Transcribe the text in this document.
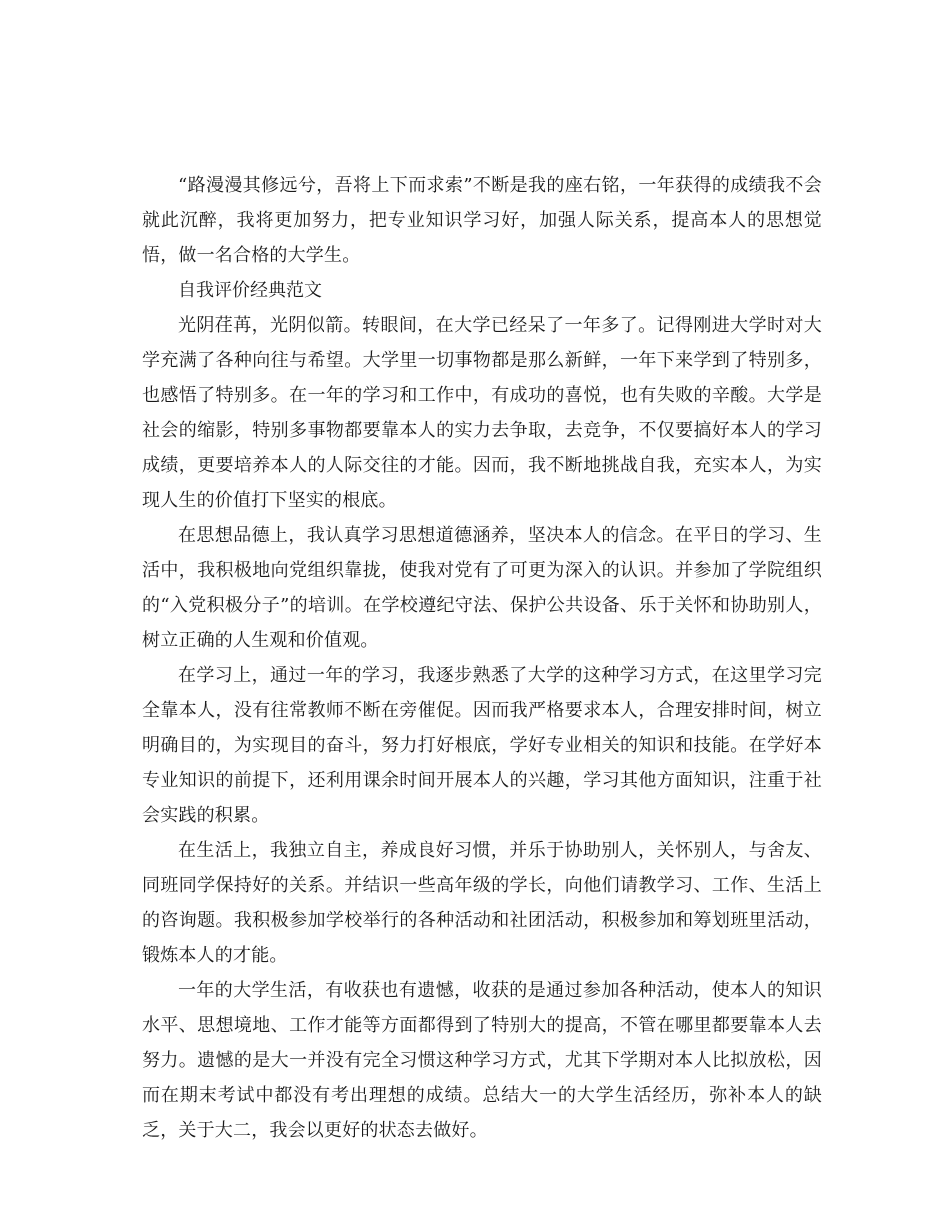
“路漫漫其修远兮，吾将上下而求索”不断是我的座右铭，一年获得的成绩我不会就此沉醉，我将更加努力，把专业知识学习好，加强人际关系，提高本人的思想觉悟，做一名合格的大学生。

自我评价经典范文

光阴荏苒，光阴似箭。转眼间，在大学已经呆了一年多了。记得刚进大学时对大学充满了各种向往与希望。大学里一切事物都是那么新鲜，一年下来学到了特别多，也感悟了特别多。在一年的学习和工作中，有成功的喜悦，也有失败的辛酸。大学是社会的缩影，特别多事物都要靠本人的实力去争取，去竞争，不仅要搞好本人的学习成绩，更要培养本人的人际交往的才能。因而，我不断地挑战自我，充实本人，为实现人生的价值打下坚实的根底。

在思想品德上，我认真学习思想道德涵养，坚决本人的信念。在平日的学习、生活中，我积极地向党组织靠拢，使我对党有了可更为深入的认识。并参加了学院组织的“入党积极分子”的培训。在学校遵纪守法、保护公共设备、乐于关怀和协助别人，树立正确的人生观和价值观。

在学习上，通过一年的学习，我逐步熟悉了大学的这种学习方式，在这里学习完全靠本人，没有往常教师不断在旁催促。因而我严格要求本人，合理安排时间，树立明确目的，为实现目的奋斗，努力打好根底，学好专业相关的知识和技能。在学好本专业知识的前提下，还利用课余时间开展本人的兴趣，学习其他方面知识，注重于社会实践的积累。

在生活上，我独立自主，养成良好习惯，并乐于协助别人，关怀别人，与舍友、同班同学保持好的关系。并结识一些高年级的学长，向他们请教学习、工作、生活上的咨询题。我积极参加学校举行的各种活动和社团活动，积极参加和筹划班里活动，锻炼本人的才能。

一年的大学生活，有收获也有遗憾，收获的是通过参加各种活动，使本人的知识水平、思想境地、工作才能等方面都得到了特别大的提高，不管在哪里都要靠本人去努力。遗憾的是大一并没有完全习惯这种学习方式，尤其下学期对本人比拟放松，因而在期末考试中都没有考出理想的成绩。总结大一的大学生活经历，弥补本人的缺乏，关于大二，我会以更好的状态去做好。
